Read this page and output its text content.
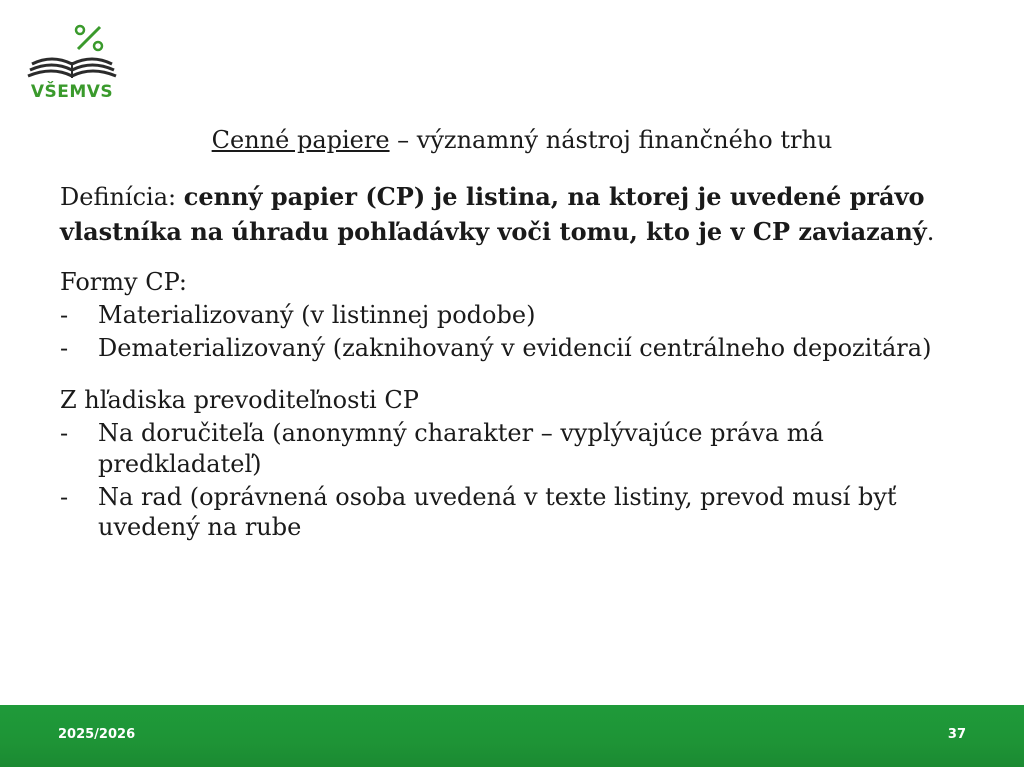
VŠEMVS
Cenné papiere – významný nástroj finančného trhu
Definícia: cenný papier (CP) je listina, na ktorej je uvedené právo vlastníka na úhradu pohľadávky voči tomu, kto je v CP zaviazaný.
Formy CP:
- Materializovaný (v listinnej podobe)
- Dematerializovaný (zaknihovaný v evidencií centrálneho depozitára)
Z hľadiska prevoditeľnosti CP
- Na doručiteľa (anonymný charakter – vyplývajúce práva má predkladateľ)
- Na rad (oprávnená osoba uvedená v texte listiny, prevod musí byť uvedený na rube
2025/2026	37
